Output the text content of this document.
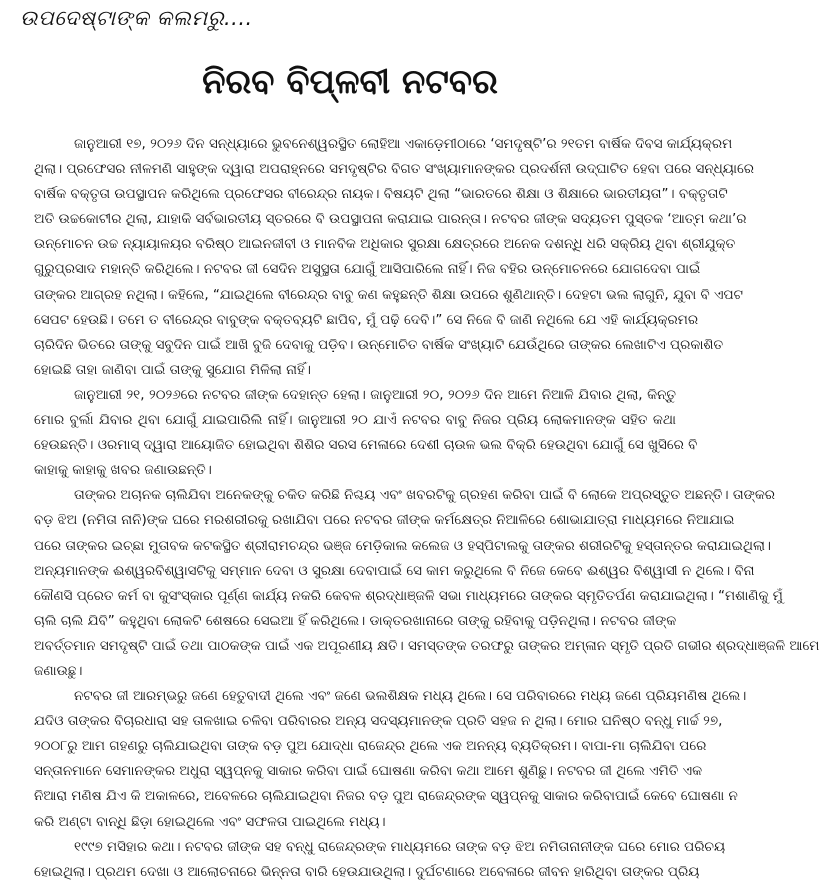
ଉପଦେଷ୍ଟାଙ୍କ କଲମରୁ....
ନିରବ ବିପ୍ଳବୀ ନଟବର

ଜାନୁଆରୀ ୧୭, ୨୦୨୬ ଦିନ ସନ୍ଧ୍ୟାରେ ଭୁବନେଶ୍ୱରସ୍ଥିତ ଲୋହିଆ ଏକାଡ଼େମୀଠାରେ ‘ସମଦୃଷ୍ଟି’ର ୨୧ତମ ବାର୍ଷିକ ଦିବସ କାର୍ଯ୍ୟକ୍ରମ
ଥିଲା। ପ୍ରଫେସର ନୀଳମଣି ସାହୁଙ୍କ ଦ୍ୱାରା ଅପରାହ୍ନରେ ସମଦୃଷ୍ଟିର ବିଗତ ସଂଖ୍ୟାମାନଙ୍କର ପ୍ରଦର୍ଶନୀ ଉଦ୍‌ଘାଟିତ ହେବା ପରେ ସନ୍ଧ୍ୟାରେ
ବାର୍ଷିକ ବକ୍ତୃତା ଉପସ୍ଥାପନ କରିଥିଲେ ପ୍ରଫେସର ବୀରେନ୍ଦ୍ର ନାୟକ। ବିଷୟଟି ଥିଲା “ଭାରତରେ ଶିକ୍ଷା ଓ ଶିକ୍ଷାରେ ଭାରତୀୟତା”। ବକ୍ତୃତାଟି
ଅତି ଉଚ୍ଚକୋଟୀର ଥିଲା, ଯାହାକି ସର୍ବଭାରତୀୟ ସ୍ତରରେ ବି ଉପସ୍ଥାପନା କରାଯାଇ ପାରନ୍ତା। ନଟବର ଜୀଙ୍କ ସଦ୍ୟତମ ପୁସ୍ତକ ‘ଆତ୍ମ କଥା’ର
ଉନ୍ମୋଚନ ଉଚ୍ଚ ନ୍ୟାୟାଳୟର ବରିଷ୍ଠ ଆଇନଜୀବୀ ଓ ମାନବିକ ଅଧିକାର ସୁରକ୍ଷା କ୍ଷେତ୍ରରେ ଅନେକ ଦଶନ୍ଧି ଧରି ସକ୍ରିୟ ଥିବା ଶ୍ରୀଯୁକ୍ତ
ଗୁରୁପ୍ରସାଦ ମହାନ୍ତି କରିଥିଲେ। ନଟବର ଜୀ ସେଦିନ ଅସୁସ୍ଥତା ଯୋଗୁଁ ଆସିପାରିଲେ ନାହିଁ। ନିଜ ବହିର ଉନ୍ମୋଚନରେ ଯୋଗଦେବା ପାଇଁ
ତାଙ୍କର ଆଗ୍ରହ ନଥିଲା। କହିଲେ, “ଯାଇଥିଲେ ବୀରେନ୍ଦ୍ର ବାବୁ କଣ କହୁଛନ୍ତି ଶିକ୍ଷା ଉପରେ ଶୁଣିଥାନ୍ତି। ଦେହଟା ଭଲ ଲାଗୁନି, ଯୁବା ବି ଏପଟ
ସେପଟ ହେଉଛି। ତମେ ତ ବୀରେନ୍ଦ୍ର ବାବୁଙ୍କ ବକ୍ତବ୍ୟଟି ଛାପିବ, ମୁଁ ପଢ଼ି ଦେବି।” ସେ ନିଜେ ବି ଜାଣି ନଥିଲେ ଯେ ଏହି କାର୍ଯ୍ୟକ୍ରମର
ଚାରିଦିନ ଭିତରେ ତାଙ୍କୁ ସବୁଦିନ ପାଇଁ ଆଖି ବୁଜି ଦେବାକୁ ପଡ଼ିବ। ଉନ୍ମୋଚିତ ବାର୍ଷିକ ସଂଖ୍ୟାଟି ଯେଉଁଥିରେ ତାଙ୍କର ଲେଖାଟିଏ ପ୍ରକାଶିତ
ହୋଇଛି ତାହା ଜାଣିବା ପାଇଁ ତାଙ୍କୁ ସୁଯୋଗ ମିଳିଲା ନାହିଁ।

ଜାନୁଆରୀ ୨୧, ୨୦୨୬ରେ ନଟବର ଜୀଙ୍କ ଦେହାନ୍ତ ହେଲା। ଜାନୁଆରୀ ୨୦, ୨୦୨୬ ଦିନ ଆମେ ନିଆଳି ଯିବାର ଥିଲା, କିନ୍ତୁ
ମୋର ବୁର୍ଲା ଯିବାର ଥିବା ଯୋଗୁଁ ଯାଇପାରିଲି ନାହିଁ। ଜାନୁଆରୀ ୨୦ ଯାଏଁ ନଟବର ବାବୁ ନିଜର ପ୍ରିୟ ଲୋକମାନଙ୍କ ସହିତ କଥା
ହେଉଛନ୍ତି। ଓରମାସ୍ ଦ୍ୱାରା ଆୟୋଜିତ ହୋଇଥିବା ଶିଶିର ସରସ ମେଳାରେ ଦେଶୀ ଚାଉଳ ଭଲ ବିକ୍ରି ହେଉଥିବା ଯୋଗୁଁ ସେ ଖୁସିରେ ବି
କାହାକୁ କାହାକୁ ଖବର ଜଣାଉଛନ୍ତି।

ତାଙ୍କର ଅଚାନକ ଚାଲିଯିବା ଅନେକଙ୍କୁ ଚକିତ କରିଛି ନିଶ୍ଚୟ ଏବଂ ଖବରଟିକୁ ଗ୍ରହଣ କରିବା ପାଇଁ ବି ଲୋକେ ଅପ୍ରସ୍ତୁତ ଅଛନ୍ତି। ତାଙ୍କର
ବଡ଼ ଝିଅ (ନମିତା ନାନି)ଙ୍କ ଘରେ ମରଶରୀରକୁ ରଖାଯିବା ପରେ ନଟବର ଜୀଙ୍କ କର୍ମକ୍ଷେତ୍ର ନିଆଳିରେ ଶୋଭାଯାତ୍ରା ମାଧ୍ୟମରେ ନିଆଯାଇ
ପରେ ତାଙ୍କର ଇଚ୍ଛା ମୁତାବକ କଟକସ୍ଥିତ ଶ୍ରୀରାମଚନ୍ଦ୍ର ଭଞ୍ଜ ମେଡ଼ିକାଲ କଲେଜ ଓ ହସ୍ପିଟାଲକୁ ତାଙ୍କର ଶରୀରଟିକୁ ହସ୍ତାନ୍ତର କରାଯାଇଥିଲା।
ଅନ୍ୟମାନଙ୍କ ଈଶ୍ୱରବିଶ୍ୱାସଟିକୁ ସମ୍ମାନ ଦେବା ଓ ସୁରକ୍ଷା ଦେବାପାଇଁ ସେ କାମ କରୁଥିଲେ ବି ନିଜେ କେବେ ଈଶ୍ୱର ବିଶ୍ୱାସୀ ନ ଥିଲେ। ବିନା
କୌଣସି ପ୍ରେତ କର୍ମ ବା କୁସଂସ୍କାର ପୂର୍ଣ୍ଣ କାର୍ଯ୍ୟ ନକରି କେବଳ ଶ୍ରଦ୍ଧାଞ୍ଜଳି ସଭା ମାଧ୍ୟମରେ ତାଙ୍କର ସ୍ମୃତିତର୍ପଣ କରାଯାଇଥିଲା। “ମଶାଣିକୁ ମୁଁ
ଚାଲି ଚାଲି ଯିବି” କହୁଥିବା ଲୋକଟି ଶେଷରେ ସେଇଆ ହିଁ କରିଥିଲେ। ଡାକ୍ତରଖାନାରେ ତାଙ୍କୁ ରହିବାକୁ ପଡ଼ିନଥିଲା। ନଟବର ଜୀଙ୍କ
ଅବର୍ତ୍ତମାନ ସମଦୃଷ୍ଟି ପାଇଁ ତଥା ପାଠକଙ୍କ ପାଇଁ ଏକ ଅପୂରଣୀୟ କ୍ଷତି। ସମସ୍ତଙ୍କ ତରଫରୁ ତାଙ୍କର ଅମ୍ଳାନ ସ୍ମୃତି ପ୍ରତି ଗଭୀର ଶ୍ରଦ୍ଧାଞ୍ଜଳି ଆମେ
ଜଣାଉଛୁ।

ନଟବର ଜୀ ଆରମ୍ଭରୁ ଜଣେ ହେତୁବାଦୀ ଥିଲେ ଏବଂ ଜଣେ ଭଲଶିକ୍ଷକ ମଧ୍ୟ ଥିଲେ। ସେ ପରିବାରରେ ମଧ୍ୟ ଜଣେ ପ୍ରିୟମଣିଷ ଥିଲେ।
ଯଦିଓ ତାଙ୍କର ବିଚାରଧାରା ସହ ତାଳଖାଇ ଚଳିବା ପରିବାରର ଅନ୍ୟ ସଦସ୍ୟମାନଙ୍କ ପ୍ରତି ସହଜ ନ ଥିଲା। ମୋର ଘନିଷ୍ଠ ବନ୍ଧୁ ମାର୍ଚ୍ଚ ୨୭,
୨୦୦୮ରୁ ଆମ ଗହଣରୁ ଚାଲିଯାଇଥିବା ତାଙ୍କ ବଡ଼ ପୁଅ ଯୋଦ୍ଧା ରାଜେନ୍ଦ୍ର ଥିଲେ ଏକ ଅନନ୍ୟ ବ୍ୟତିକ୍ରମ। ବାପା-ମା ଚାଲିଯିବା ପରେ
ସନ୍ତାନମାନେ ସେମାନଙ୍କର ଅଧୁରା ସ୍ୱପ୍ନକୁ ସାକାର କରିବା ପାଇଁ ଘୋଷଣା କରିବା କଥା ଆମେ ଶୁଣିଛୁ। ନଟବର ଜୀ ଥିଲେ ଏମିତି ଏକ
ନିଆରା ମଣିଷ ଯିଏ କି ଅକାଳରେ, ଅବେଳରେ ଚାଲିଯାଇଥିବା ନିଜର ବଡ଼ ପୁଅ ରାଜେନ୍ଦ୍ରଙ୍କ ସ୍ୱପ୍ନକୁ ସାକାର କରିବାପାଇଁ କେବେ ଘୋଷଣା ନ
କରି ଅଣ୍ଟା ବାନ୍ଧି ଛିଡ଼ା ହୋଇଥିଲେ ଏବଂ ସଫଳତା ପାଇଥିଲେ ମଧ୍ୟ।

୧୯୯୭ ମସିହାର କଥା। ନଟବର ଜୀଙ୍କ ସହ ବନ୍ଧୁ ରାଜେନ୍ଦ୍ରଙ୍କ ମାଧ୍ୟମରେ ତାଙ୍କ ବଡ଼ ଝିଅ ନମିତାନାନୀଙ୍କ ଘରେ ମୋର ପରିଚୟ
ହୋଇଥିଲା। ପ୍ରଥମ ଦେଖା ଓ ଆଲୋଚନାରେ ଭିନ୍ନତା ବାରି ହେଉଯାଉଥିଲା। ଦୁର୍ଘଟଣାରେ ଅବେଳାରେ ଜୀବନ ହାରିଥିବା ତାଙ୍କର ପ୍ରିୟ
